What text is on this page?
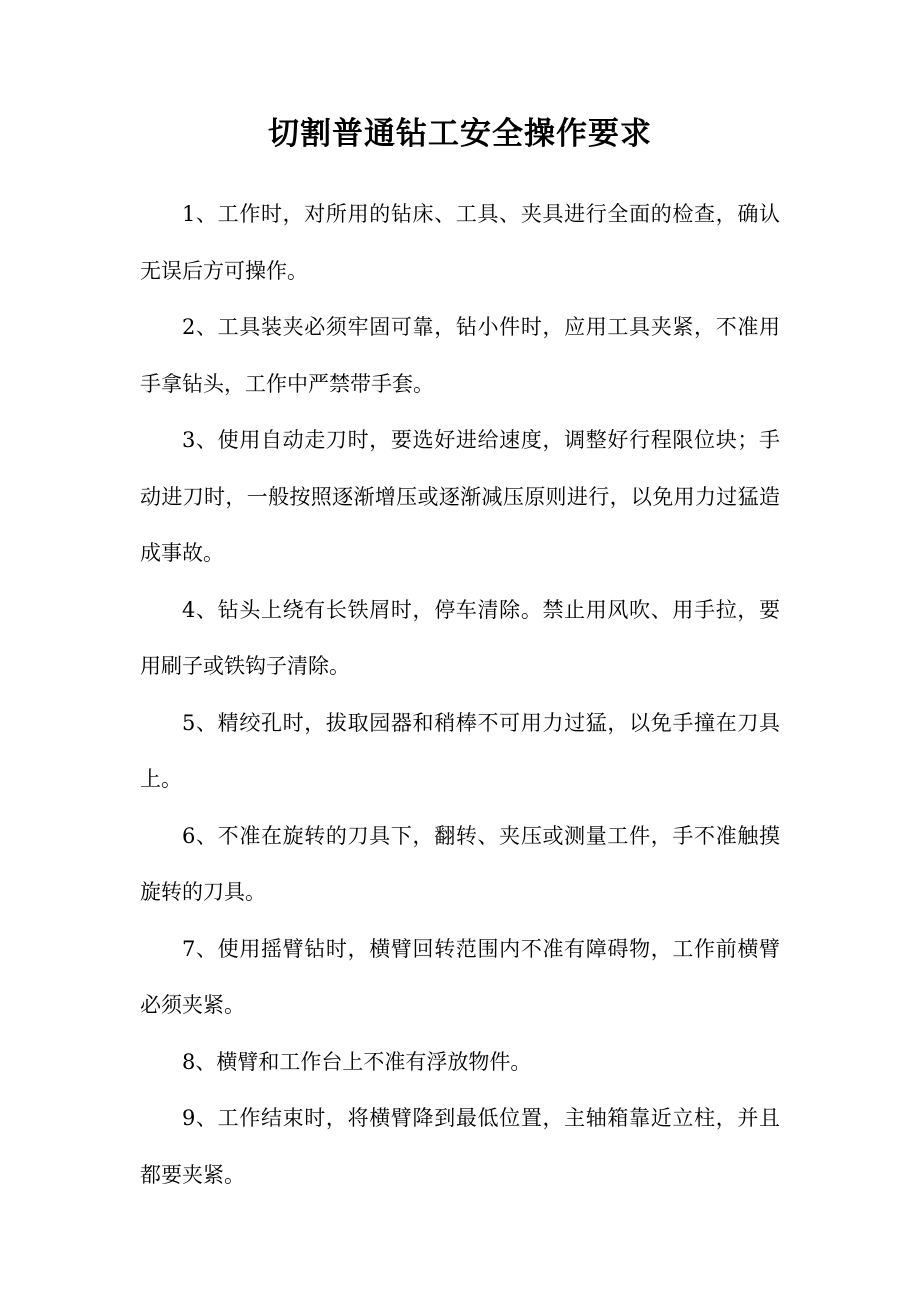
切割普通钻工安全操作要求

1、工作时，对所用的钻床、工具、夹具进行全面的检查，确认无误后方可操作。

2、工具装夹必须牢固可靠，钻小件时，应用工具夹紧，不准用手拿钻头，工作中严禁带手套。

3、使用自动走刀时，要选好进给速度，调整好行程限位块；手动进刀时，一般按照逐渐增压或逐渐减压原则进行，以免用力过猛造成事故。

4、钻头上绕有长铁屑时，停车清除。禁止用风吹、用手拉，要用刷子或铁钩子清除。

5、精绞孔时，拔取园器和稍棒不可用力过猛，以免手撞在刀具上。

6、不准在旋转的刀具下，翻转、夹压或测量工件，手不准触摸旋转的刀具。

7、使用摇臂钻时，横臂回转范围内不准有障碍物，工作前横臂必须夹紧。

8、横臂和工作台上不准有浮放物件。

9、工作结束时，将横臂降到最低位置，主轴箱靠近立柱，并且都要夹紧。
